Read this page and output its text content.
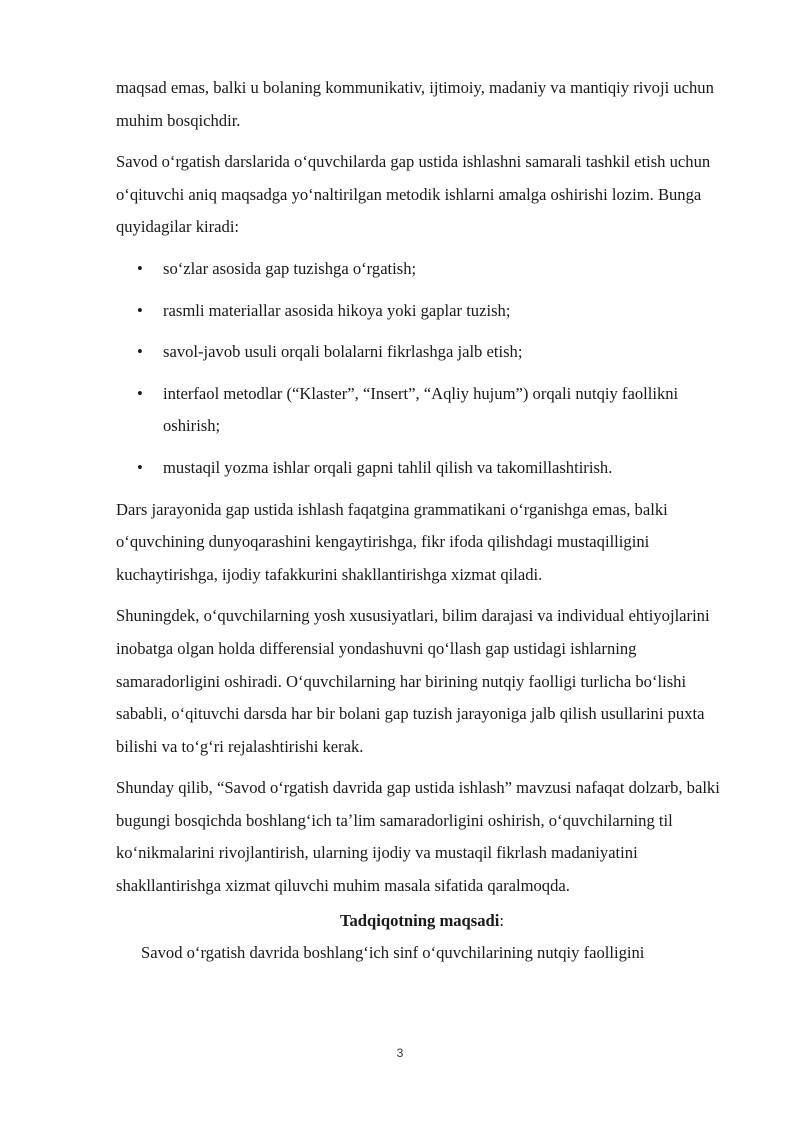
maqsad emas, balki u bolaning kommunikativ, ijtimoiy, madaniy va mantiqiy rivoji uchun muhim bosqichdir.

Savod oʻrgatish darslarida oʻquvchilarda gap ustida ishlashni samarali tashkil etish uchun oʻqituvchi aniq maqsadga yoʻnaltirilgan metodik ishlarni amalga oshirishi lozim. Bunga quyidagilar kiradi:

• soʻzlar asosida gap tuzishga oʻrgatish;
• rasmli materiallar asosida hikoya yoki gaplar tuzish;
• savol-javob usuli orqali bolalarni fikrlashga jalb etish;
• interfaol metodlar (“Klaster”, “Insert”, “Aqliy hujum”) orqali nutqiy faollikni oshirish;
• mustaqil yozma ishlar orqali gapni tahlil qilish va takomillashtirish.

Dars jarayonida gap ustida ishlash faqatgina grammatikani oʻrganishga emas, balki oʻquvchining dunyoqarashini kengaytirishga, fikr ifoda qilishdagi mustaqilligini kuchaytirishga, ijodiy tafakkurini shakllantirishga xizmat qiladi.

Shuningdek, oʻquvchilarning yosh xususiyatlari, bilim darajasi va individual ehtiyojlarini inobatga olgan holda differensial yondashuvni qoʻllash gap ustidagi ishlarning samaradorligini oshiradi. Oʻquvchilarning har birining nutqiy faolligi turlicha boʻlishi sababli, oʻqituvchi darsda har bir bolani gap tuzish jarayoniga jalb qilish usullarini puxta bilishi va toʻgʻri rejalashtirishi kerak.

Shunday qilib, “Savod oʻrgatish davrida gap ustida ishlash” mavzusi nafaqat dolzarb, balki bugungi bosqichda boshlangʻich taʼlim samaradorligini oshirish, oʻquvchilarning til koʻnikmalarini rivojlantirish, ularning ijodiy va mustaqil fikrlash madaniyatini shakllantirishga xizmat qiluvchi muhim masala sifatida qaralmoqda.

Tadqiqotning maqsadi:

Savod oʻrgatish davrida boshlangʻich sinf oʻquvchilarining nutqiy faolligini

3
